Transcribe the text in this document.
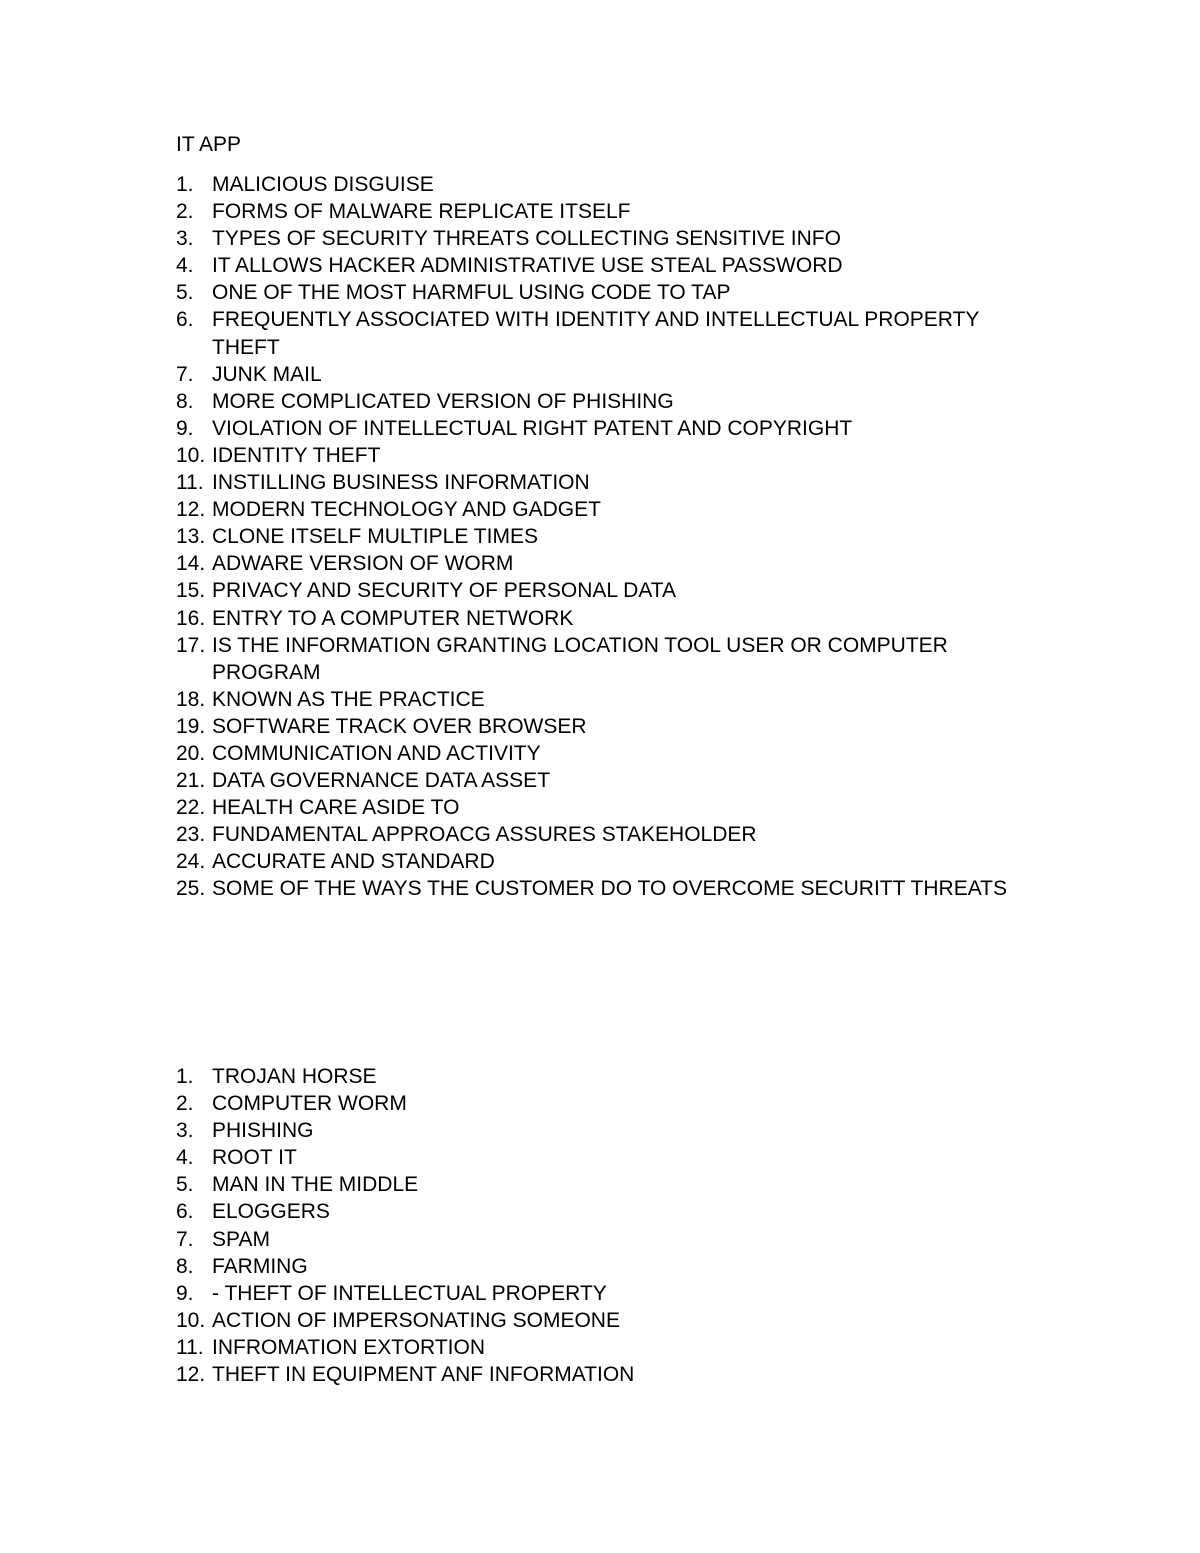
IT APP
1. MALICIOUS DISGUISE
2. FORMS OF MALWARE REPLICATE ITSELF
3. TYPES OF SECURITY THREATS COLLECTING SENSITIVE INFO
4. IT ALLOWS HACKER ADMINISTRATIVE USE STEAL PASSWORD
5. ONE OF THE MOST HARMFUL USING CODE TO TAP
6. FREQUENTLY ASSOCIATED WITH IDENTITY AND INTELLECTUAL PROPERTY THEFT
7. JUNK MAIL
8. MORE COMPLICATED VERSION OF PHISHING
9. VIOLATION OF INTELLECTUAL RIGHT PATENT AND COPYRIGHT
10. IDENTITY THEFT
11. INSTILLING BUSINESS INFORMATION
12. MODERN TECHNOLOGY AND GADGET
13. CLONE ITSELF MULTIPLE TIMES
14. ADWARE VERSION OF WORM
15. PRIVACY AND SECURITY OF PERSONAL DATA
16. ENTRY TO A COMPUTER NETWORK
17. IS THE INFORMATION GRANTING LOCATION TOOL USER OR COMPUTER PROGRAM
18. KNOWN AS THE PRACTICE
19. SOFTWARE TRACK OVER BROWSER
20. COMMUNICATION AND ACTIVITY
21. DATA GOVERNANCE DATA ASSET
22. HEALTH CARE ASIDE TO
23. FUNDAMENTAL APPROACG ASSURES STAKEHOLDER
24. ACCURATE AND STANDARD
25. SOME OF THE WAYS THE CUSTOMER DO TO OVERCOME SECURITT THREATS
1. TROJAN HORSE
2. COMPUTER WORM
3. PHISHING
4. ROOT IT
5. MAN IN THE MIDDLE
6. ELOGGERS
7. SPAM
8. FARMING
9. - THEFT OF INTELLECTUAL PROPERTY
10. ACTION OF IMPERSONATING SOMEONE
11. INFROMATION EXTORTION
12. THEFT IN EQUIPMENT ANF INFORMATION
